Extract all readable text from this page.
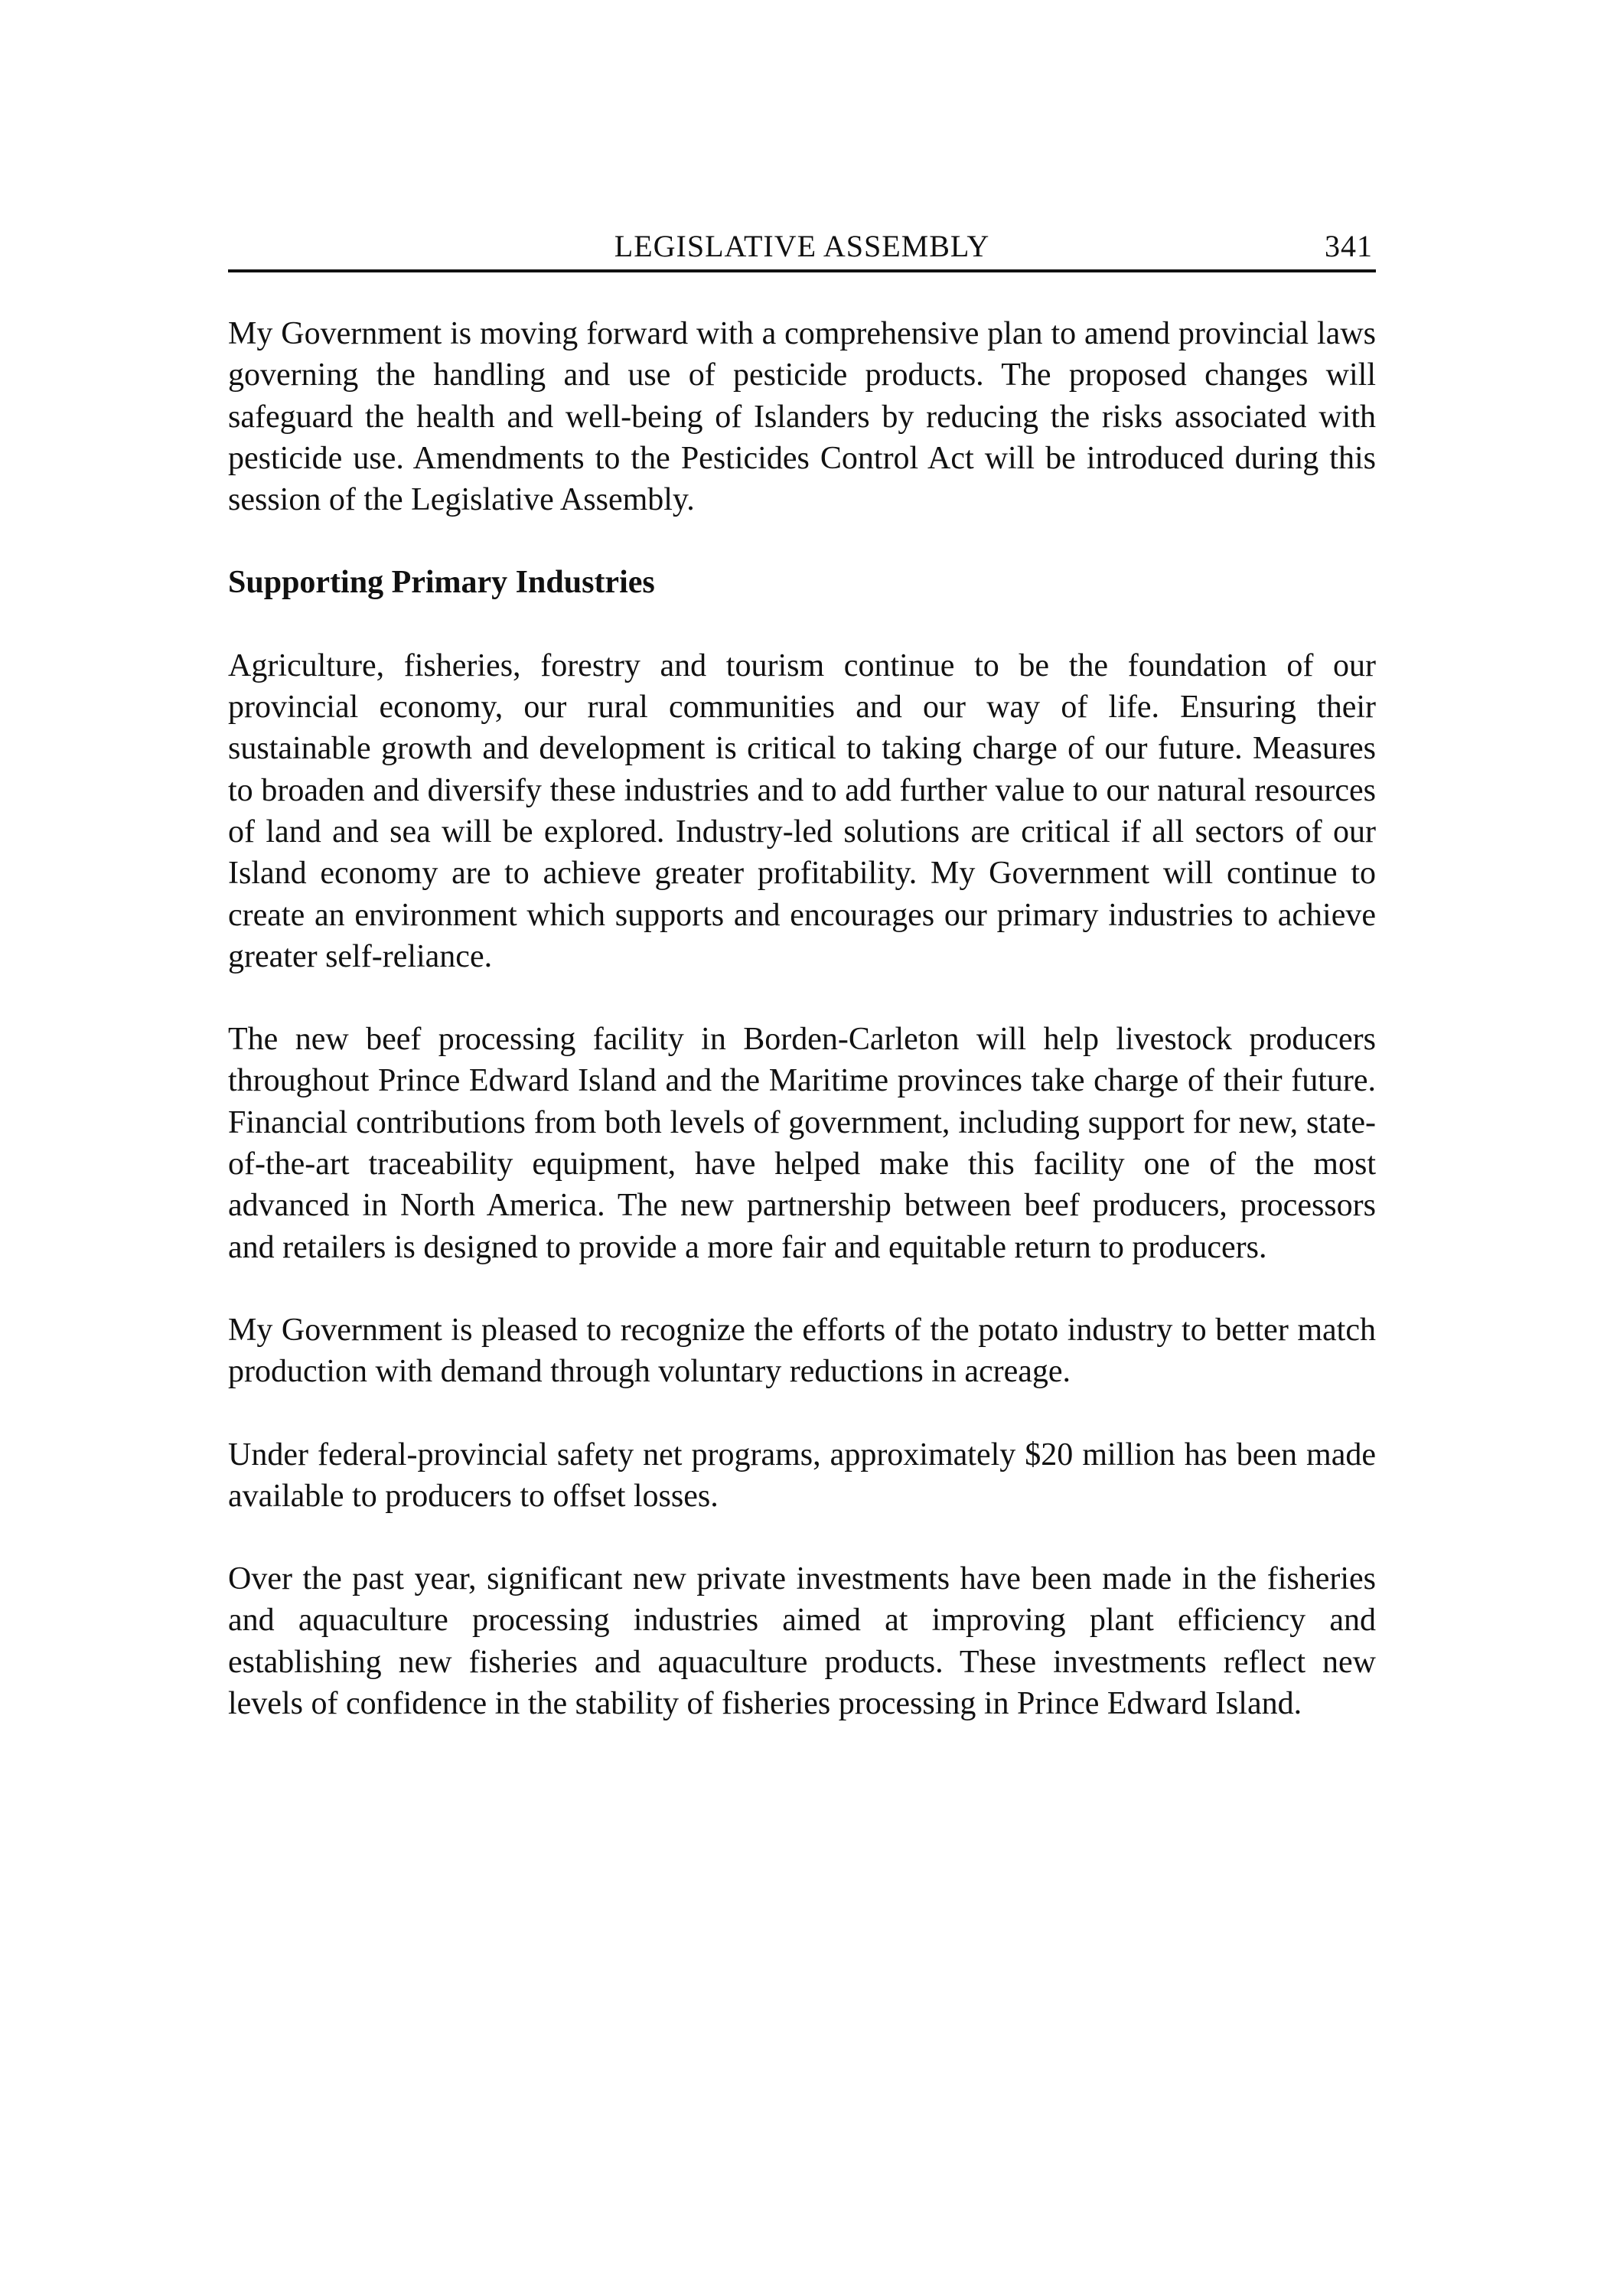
LEGISLATIVE ASSEMBLY	341

My Government is moving forward with a comprehensive plan to amend provincial laws governing the handling and use of pesticide products. The proposed changes will safeguard the health and well-being of Islanders by reducing the risks associated with pesticide use. Amendments to the Pesticides Control Act will be introduced during this session of the Legislative Assembly.

Supporting Primary Industries

Agriculture, fisheries, forestry and tourism continue to be the foundation of our provincial economy, our rural communities and our way of life. Ensuring their sustainable growth and development is critical to taking charge of our future. Measures to broaden and diversify these industries and to add further value to our natural resources of land and sea will be explored. Industry-led solutions are critical if all sectors of our Island economy are to achieve greater profitability. My Government will continue to create an environment which supports and encourages our primary industries to achieve greater self-reliance.

The new beef processing facility in Borden-Carleton will help livestock producers throughout Prince Edward Island and the Maritime provinces take charge of their future. Financial contributions from both levels of government, including support for new, state-of-the-art traceability equipment, have helped make this facility one of the most advanced in North America. The new partnership between beef producers, processors and retailers is designed to provide a more fair and equitable return to producers.

My Government is pleased to recognize the efforts of the potato industry to better match production with demand through voluntary reductions in acreage.

Under federal-provincial safety net programs, approximately $20 million has been made available to producers to offset losses.

Over the past year, significant new private investments have been made in the fisheries and aquaculture processing industries aimed at improving plant efficiency and establishing new fisheries and aquaculture products. These investments reflect new levels of confidence in the stability of fisheries processing in Prince Edward Island.
